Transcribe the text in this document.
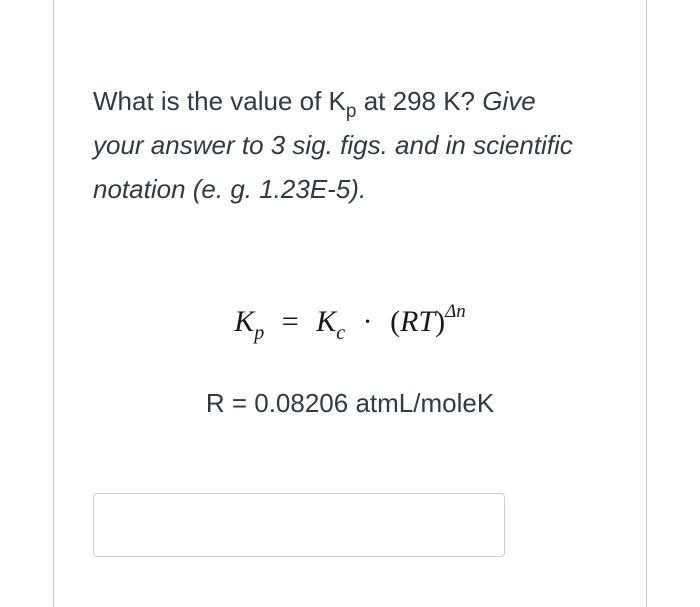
What is the value of $K_p$ at 298 K? Give
your answer to 3 sig. figs. and in scientific
notation (e. g. 1.23E-5).
$K_p = K_c \cdot (RT)^{\Delta n}$
R = 0.08206 atmL/moleK
